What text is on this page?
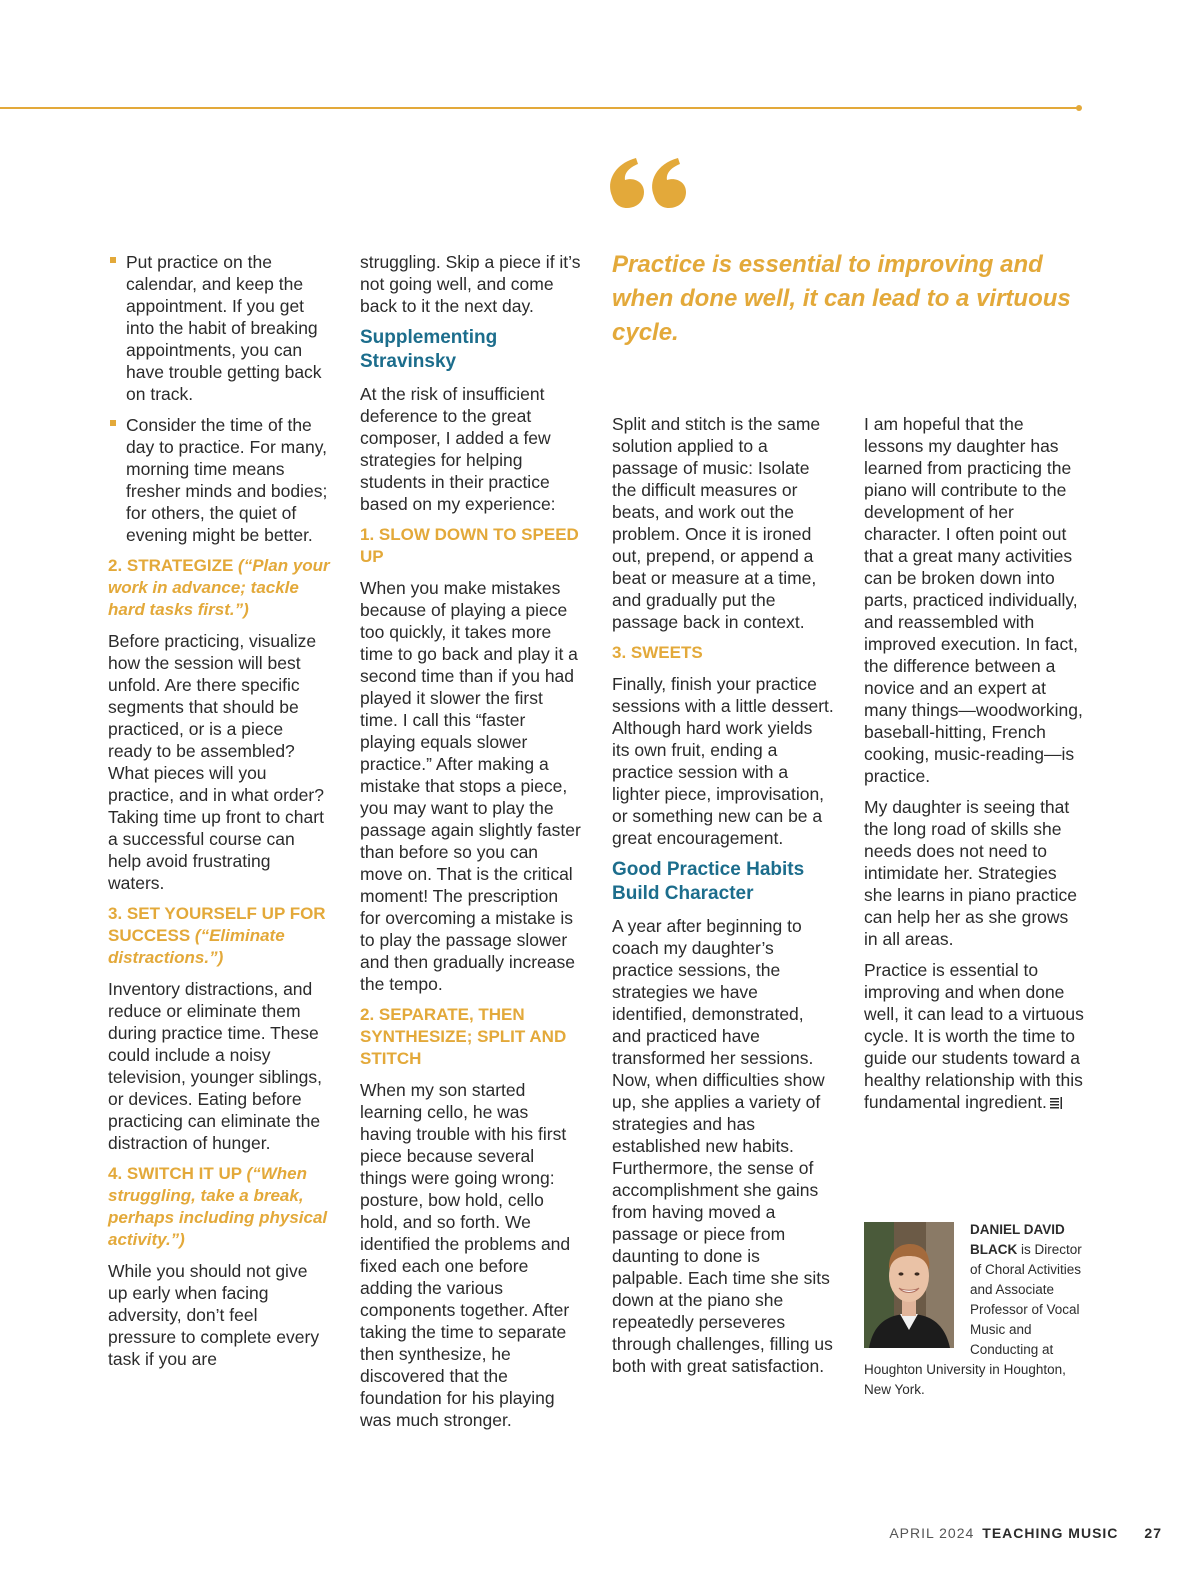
Practice is essential to improving and when done well, it can lead to a virtuous cycle.

Put practice on the calendar, and keep the appointment. If you get into the habit of breaking appointments, you can have trouble getting back on track.
Consider the time of the day to practice. For many, morning time means fresher minds and bodies; for others, the quiet of evening might be better.
2. STRATEGIZE (“Plan your work in advance; tackle hard tasks first.”)

Before practicing, visualize how the session will best unfold. Are there specific segments that should be practiced, or is a piece ready to be assembled? What pieces will you practice, and in what order? Taking time up front to chart a successful course can help avoid frustrating waters.

3. SET YOURSELF UP FOR SUCCESS (“Eliminate distractions.”)

Inventory distractions, and reduce or eliminate them during practice time. These could include a noisy television, younger siblings, or devices. Eating before practicing can eliminate the distraction of hunger.

4. SWITCH IT UP (“When struggling, take a break, perhaps including physical activity.”)

While you should not give up early when facing adversity, don’t feel pressure to complete every task if you are

struggling. Skip a piece if it’s not going well, and come back to it the next day.

Supplementing Stravinsky

At the risk of insufficient deference to the great composer, I added a few strategies for helping students in their practice based on my experience:

1. SLOW DOWN TO SPEED UP

When you make mistakes because of playing a piece too quickly, it takes more time to go back and play it a second time than if you had played it slower the first time. I call this “faster playing equals slower practice.” After making a mistake that stops a piece, you may want to play the passage again slightly faster than before so you can move on. That is the critical moment! The prescription for overcoming a mistake is to play the passage slower and then gradually increase the tempo.

2. SEPARATE, THEN SYNTHESIZE; SPLIT AND STITCH

When my son started learning cello, he was having trouble with his first piece because several things were going wrong: posture, bow hold, cello hold, and so forth. We identified the problems and fixed each one before adding the various components together. After taking the time to separate then synthesize, he discovered that the foundation for his playing was much stronger.

Split and stitch is the same solution applied to a passage of music: Isolate the difficult measures or beats, and work out the problem. Once it is ironed out, prepend, or append a beat or measure at a time, and gradually put the passage back in context.

3. SWEETS

Finally, finish your practice sessions with a little dessert. Although hard work yields its own fruit, ending a practice session with a lighter piece, improvisation, or something new can be a great encouragement.

Good Practice Habits Build Character

A year after beginning to coach my daughter’s practice sessions, the strategies we have identified, demonstrated, and practiced have transformed her sessions. Now, when difficulties show up, she applies a variety of strategies and has established new habits. Furthermore, the sense of accomplishment she gains from having moved a passage or piece from daunting to done is palpable. Each time she sits down at the piano she repeatedly perseveres through challenges, filling us both with great satisfaction.

I am hopeful that the lessons my daughter has learned from practicing the piano will contribute to the development of her character. I often point out that a great many activities can be broken down into parts, practiced individually, and reassembled with improved execution. In fact, the difference between a novice and an expert at many things—woodworking, baseball-hitting, French cooking, music-reading—is practice.

My daughter is seeing that the long road of skills she needs does not need to intimidate her. Strategies she learns in piano practice can help her as she grows in all areas.

Practice is essential to improving and when done well, it can lead to a virtuous cycle. It is worth the time to guide our students toward a healthy relationship with this fundamental ingredient.

DANIEL DAVID BLACK is Director of Choral Activities and Associate Professor of Vocal Music and Conducting at Houghton University in Houghton, New York.
APRIL 2024 TEACHING MUSIC 27
